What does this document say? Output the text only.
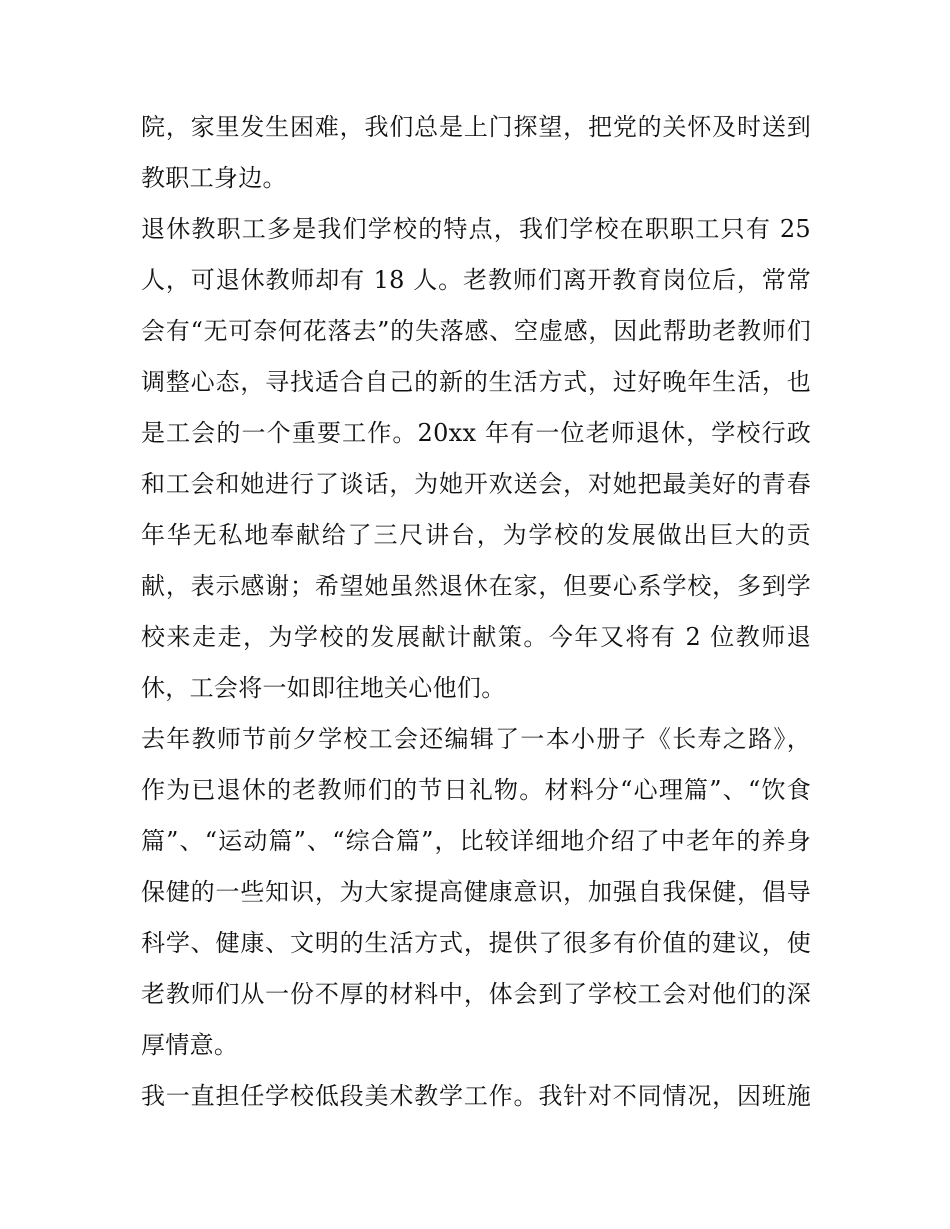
院，家里发生困难，我们总是上门探望，把党的关怀及时送到
教职工身边。
退休教职工多是我们学校的特点，我们学校在职职工只有 25
人，可退休教师却有 18 人。老教师们离开教育岗位后，常常
会有“无可奈何花落去”的失落感、空虚感，因此帮助老教师们
调整心态，寻找适合自己的新的生活方式，过好晚年生活，也
是工会的一个重要工作。20xx 年有一位老师退休，学校行政
和工会和她进行了谈话，为她开欢送会，对她把最美好的青春
年华无私地奉献给了三尺讲台，为学校的发展做出巨大的贡
献，表示感谢；希望她虽然退休在家，但要心系学校，多到学
校来走走，为学校的发展献计献策。今年又将有 2 位教师退
休，工会将一如即往地关心他们。
去年教师节前夕学校工会还编辑了一本小册子《长寿之路》，
作为已退休的老教师们的节日礼物。材料分“心理篇”、“饮食
篇”、“运动篇”、“综合篇”，比较详细地介绍了中老年的养身
保健的一些知识，为大家提高健康意识，加强自我保健，倡导
科学、健康、文明的生活方式，提供了很多有价值的建议，使
老教师们从一份不厚的材料中，体会到了学校工会对他们的深
厚情意。
我一直担任学校低段美术教学工作。我针对不同情况，因班施
